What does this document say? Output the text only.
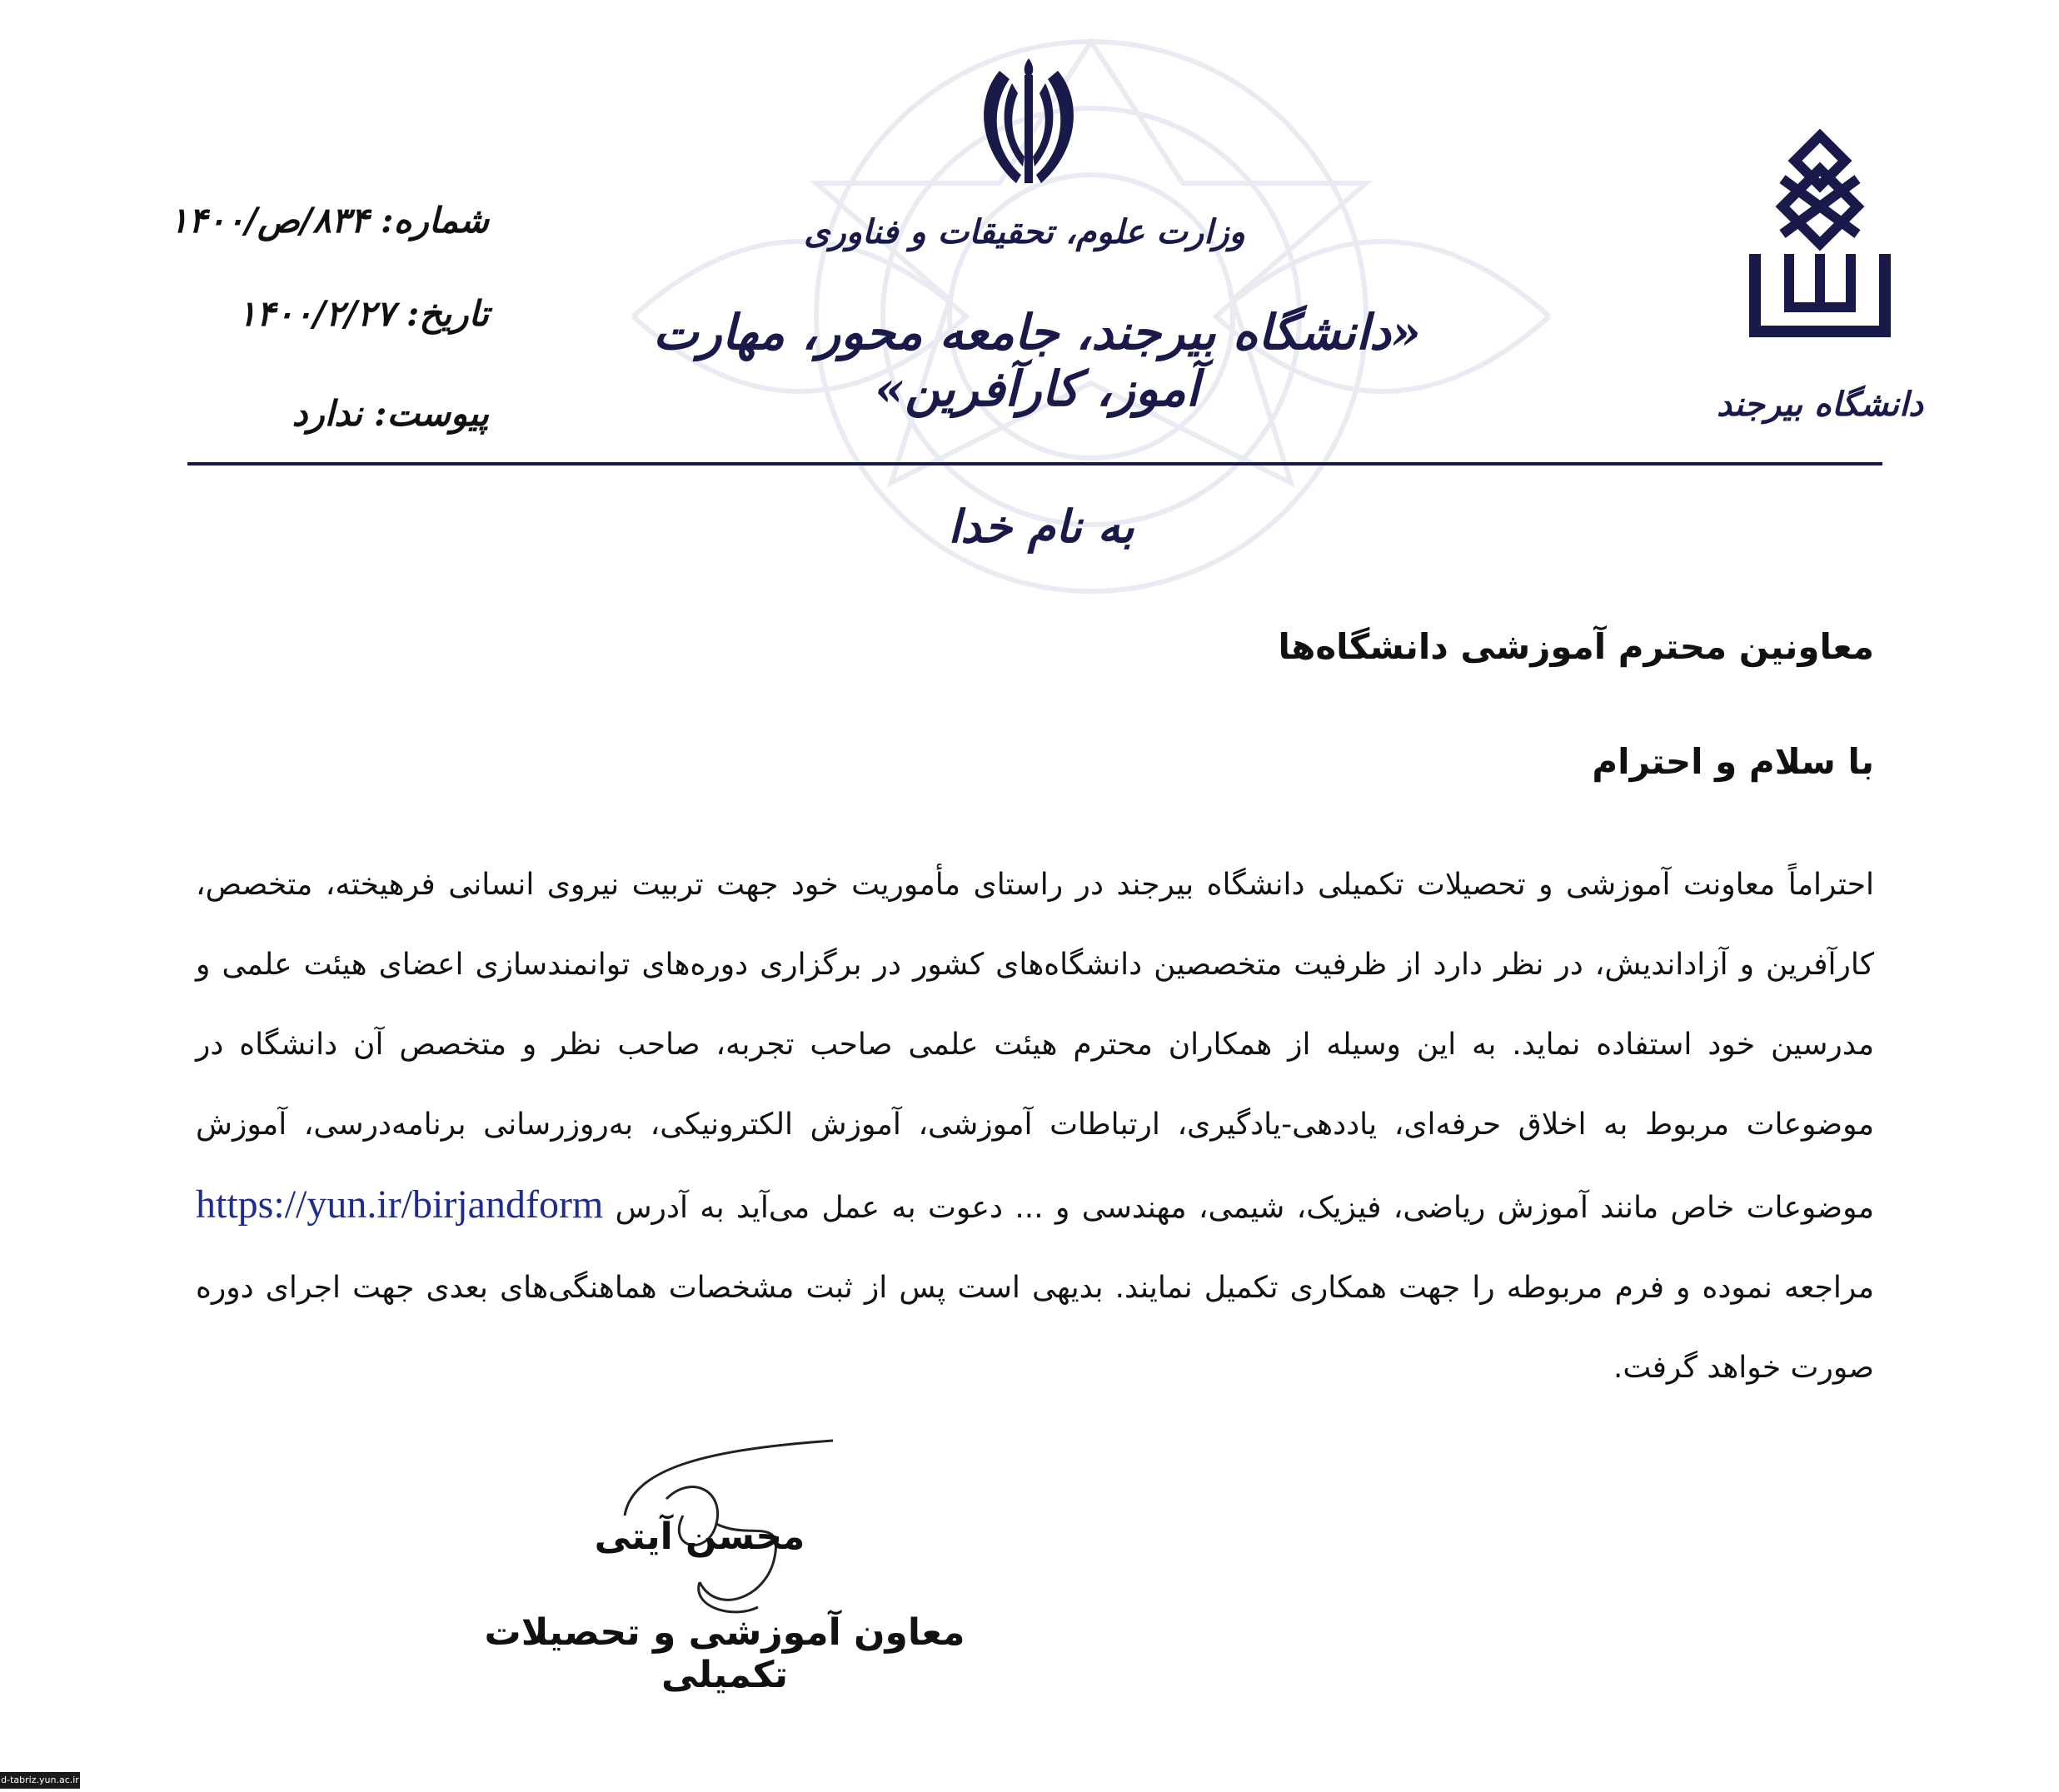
وزارت علوم، تحقیقات و فناوری
«دانشگاه بیرجند، جامعه محور، مهارت آموز، کارآفرین»	دانشگاه بیرجند
شماره:
۸۳۴/ص/۱۴۰۰
تاریخ:
۱۴۰۰/۲/۲۷
پیوست:
ندارد
به نام خدا
معاونین محترم آموزشی دانشگاه‌ها
با سلام و احترام

احتراماً معاونت آموزشی و تحصیلات تکمیلی دانشگاه بیرجند در راستای مأموریت خود جهت تربیت نیروی انسانی فرهیخته، متخصص، کارآفرین و آزاداندیش، در نظر دارد از ظرفیت متخصصین دانشگاه‌های کشور در برگزاری دوره‌های توانمندسازی اعضای هیئت علمی و مدرسین خود استفاده نماید. به این وسیله از همکاران محترم هیئت علمی صاحب تجربه، صاحب نظر و متخصص آن دانشگاه در موضوعات مربوط به اخلاق حرفه‌ای، یاددهی-یادگیری، ارتباطات آموزشی، آموزش الکترونیکی، به‌روزرسانی برنامه‌درسی، آموزش موضوعات خاص مانند آموزش ریاضی، فیزیک، شیمی، مهندسی و ... دعوت به عمل می‌آید به آدرس https://yun.ir/birjandform مراجعه نموده و فرم مربوطه را جهت همکاری تکمیل نمایند. بدیهی است پس از ثبت مشخصات هماهنگی‌های بعدی جهت اجرای دوره صورت خواهد گرفت.

محسن آیتی
معاون آموزشی و تحصیلات تکمیلی
d-tabriz.yun.ac.ir
